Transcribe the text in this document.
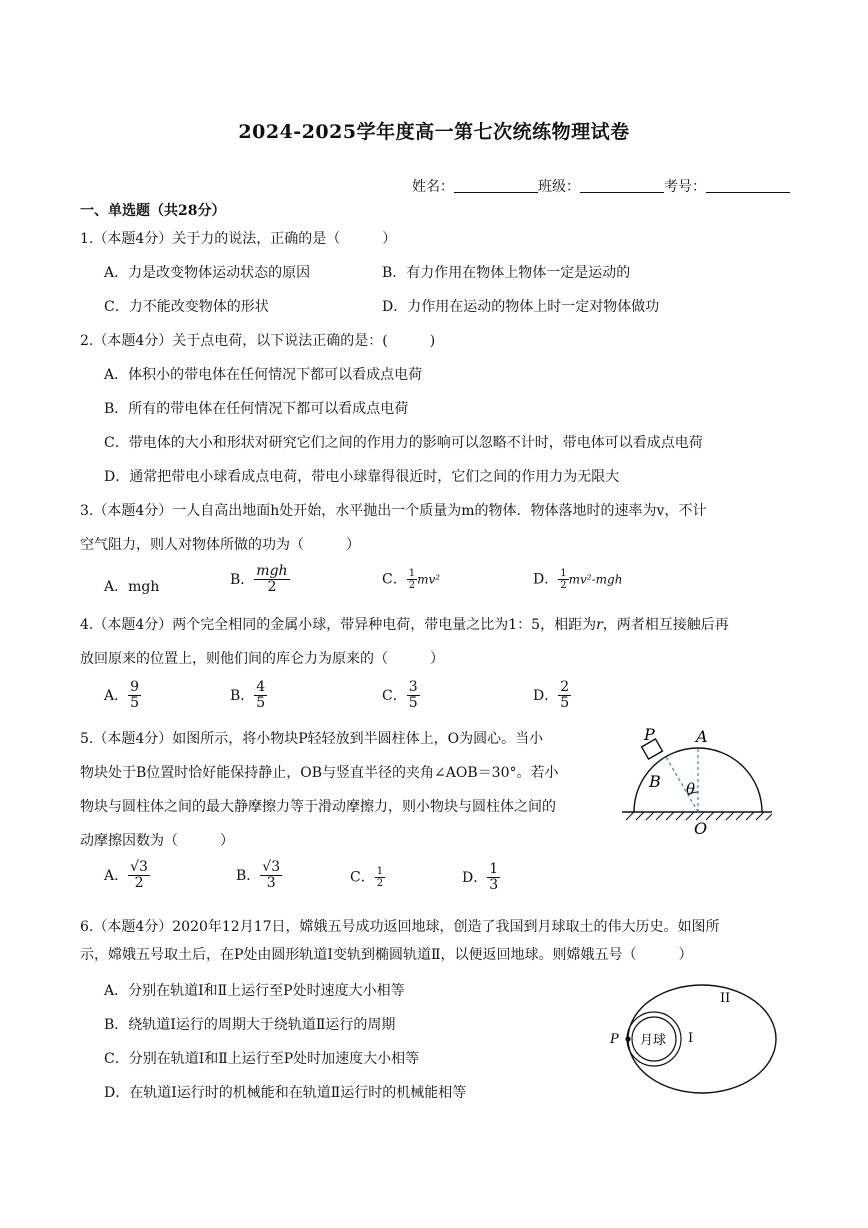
2024-2025学年度高一第七次统练物理试卷
姓名：	班级：	考号：
一、单选题（共28分）
1.（本题4分）关于力的说法，正确的是（　　　）
A．力是改变物体运动状态的原因	B．有力作用在物体上物体一定是运动的
C．力不能改变物体的形状	D．力作用在运动的物体上时一定对物体做功
2.（本题4分）关于点电荷，以下说法正确的是：(　　　)
A．体积小的带电体在任何情况下都可以看成点电荷
B．所有的带电体在任何情况下都可以看成点电荷
C．带电体的大小和形状对研究它们之间的作用力的影响可以忽略不计时，带电体可以看成点电荷
D．通常把带电小球看成点电荷，带电小球靠得很近时，它们之间的作用力为无限大
3.（本题4分）一人自高出地面h处开始，水平抛出一个质量为m的物体．物体落地时的速率为v，不计
空气阻力，则人对物体所做的功为（　　　）
A．mgh	B． $\frac{\text{mgh}}{2}$	C． $\frac{1}{2} mv^2$	D． $\frac{1}{2} mv^2-mgh$
4.（本题4分）两个完全相同的金属小球，带异种电荷，带电量之比为1：5，相距为r，两者相互接触后再
放回原来的位置上，则他们间的库仑力为原来的（　　　）
A． $\frac{9}{5}$	B． $\frac{4}{5}$	C． $\frac{3}{5}$	D． $\frac{2}{5}$
5.（本题4分）如图所示，将小物块P轻轻放到半圆柱体上，O为圆心。当小
物块处于B位置时恰好能保持静止，OB与竖直半径的夹角∠AOB＝30°。若小
物块与圆柱体之间的最大静摩擦力等于滑动摩擦力，则小物块与圆柱体之间的
动摩擦因数为（　　　）
A． $\frac{√3}{2}$	B． $\frac{√3}{3}$	C． $\frac{1}{2}$	D． $\frac{1}{3}$
P	A
B θ
O
6.（本题4分）2020年12月17日，嫦娥五号成功返回地球，创造了我国到月球取土的伟大历史。如图所
示，嫦娥五号取土后，在P处由圆形轨道Ⅰ变轨到椭圆轨道Ⅱ，以便返回地球。则嫦娥五号（　　　）
A．分别在轨道Ⅰ和Ⅱ上运行至P处时速度大小相等
B．绕轨道Ⅰ运行的周期大于绕轨道Ⅱ运行的周期
C．分别在轨道Ⅰ和Ⅱ上运行至P处时加速度大小相等
D．在轨道Ⅰ运行时的机械能和在轨道Ⅱ运行时的机械能相等
月球
P	I
II
